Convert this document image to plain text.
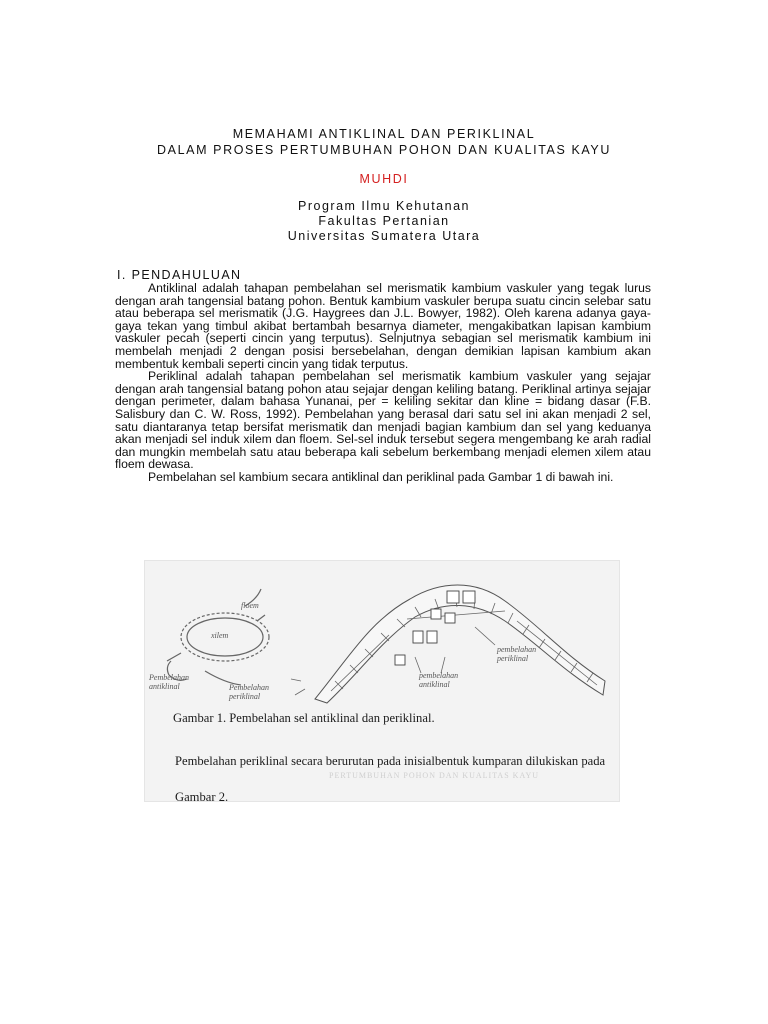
MEMAHAMI ANTIKLINAL DAN PERIKLINAL
DALAM PROSES PERTUMBUHAN POHON DAN KUALITAS KAYU
MUHDI
Program Ilmu Kehutanan
Fakultas Pertanian
Universitas Sumatera Utara
I. PENDAHULUAN

Antiklinal adalah tahapan pembelahan sel merismatik kambium vaskuler yang tegak lurus dengan arah tangensial batang pohon. Bentuk kambium vaskuler berupa suatu cincin selebar satu atau beberapa sel merismatik (J.G. Haygrees dan J.L. Bowyer, 1982). Oleh karena adanya gaya-gaya tekan yang timbul akibat bertambah besarnya diameter, mengakibatkan lapisan kambium vaskuler pecah (seperti cincin yang terputus). Selnjutnya sebagian sel merismatik kambium ini membelah menjadi 2 dengan posisi bersebelahan, dengan demikian lapisan kambium akan membentuk kembali seperti cincin yang tidak terputus.

Periklinal adalah tahapan pembelahan sel merismatik kambium vaskuler yang sejajar dengan arah tangensial batang pohon atau sejajar dengan keliling batang. Periklinal artinya sejajar dengan perimeter, dalam bahasa Yunanai, per = keliling sekitar dan kline = bidang dasar (F.B. Salisbury dan C. W. Ross, 1992). Pembelahan yang berasal dari satu sel ini akan menjadi 2 sel, satu diantaranya tetap bersifat merismatik dan menjadi bagian kambium dan sel yang keduanya akan menjadi sel induk xilem dan floem. Sel-sel induk tersebut segera mengembang ke arah radial dan mungkin membelah satu atau beberapa kali sebelum berkembang menjadi elemen xilem atau floem dewasa.

Pembelahan sel kambium secara antiklinal dan periklinal pada Gambar 1 di bawah ini.

floem
xilem
Pembelahan antiklinal	Pembelahan periklinal
pembelahan periklinal
pembelahan antiklinal
Gambar 1. Pembelahan sel antiklinal dan periklinal.
Pembelahan periklinal secara berurutan pada inisialbentuk kumparan dilukiskan pada Gambar 2.
PERTUMBUHAN POHON DAN KUALITAS KAYU
